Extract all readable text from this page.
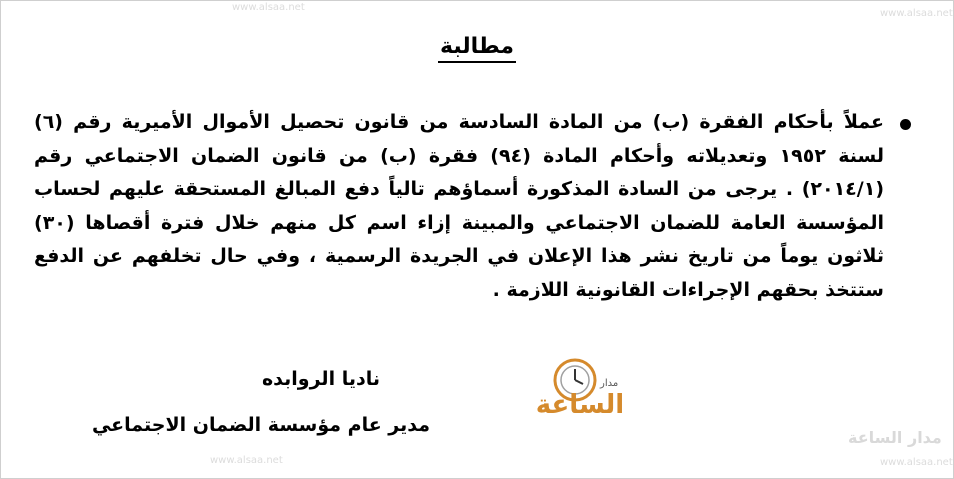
www.alsaa.net
www.alsaa.net
www.alsaa.net	www.alsaa.net
مدار الساعة
مطالبة
عملاً بأحكام الفقرة (ب) من المادة السادسة من قانون تحصيل الأموال الأميرية رقم (٦) لسنة ١٩٥٢ وتعديلاته وأحكام المادة (٩٤) فقرة (ب) من قانون الضمان الاجتماعي رقم (٢٠١٤/١) . يرجى من السادة المذكورة أسماؤهم تالياً دفع المبالغ المستحقة عليهم لحساب المؤسسة العامة للضمان الاجتماعي والمبينة إزاء اسم كل منهم خلال فترة أقصاها (٣٠) ثلاثون يوماً من تاريخ نشر هذا الإعلان في الجريدة الرسمية ، وفي حال تخلفهم عن الدفع ستتخذ بحقهم الإجراءات القانونية اللازمة .
مدار
الساعة
ناديا الروابده
مدير عام مؤسسة الضمان الاجتماعي
